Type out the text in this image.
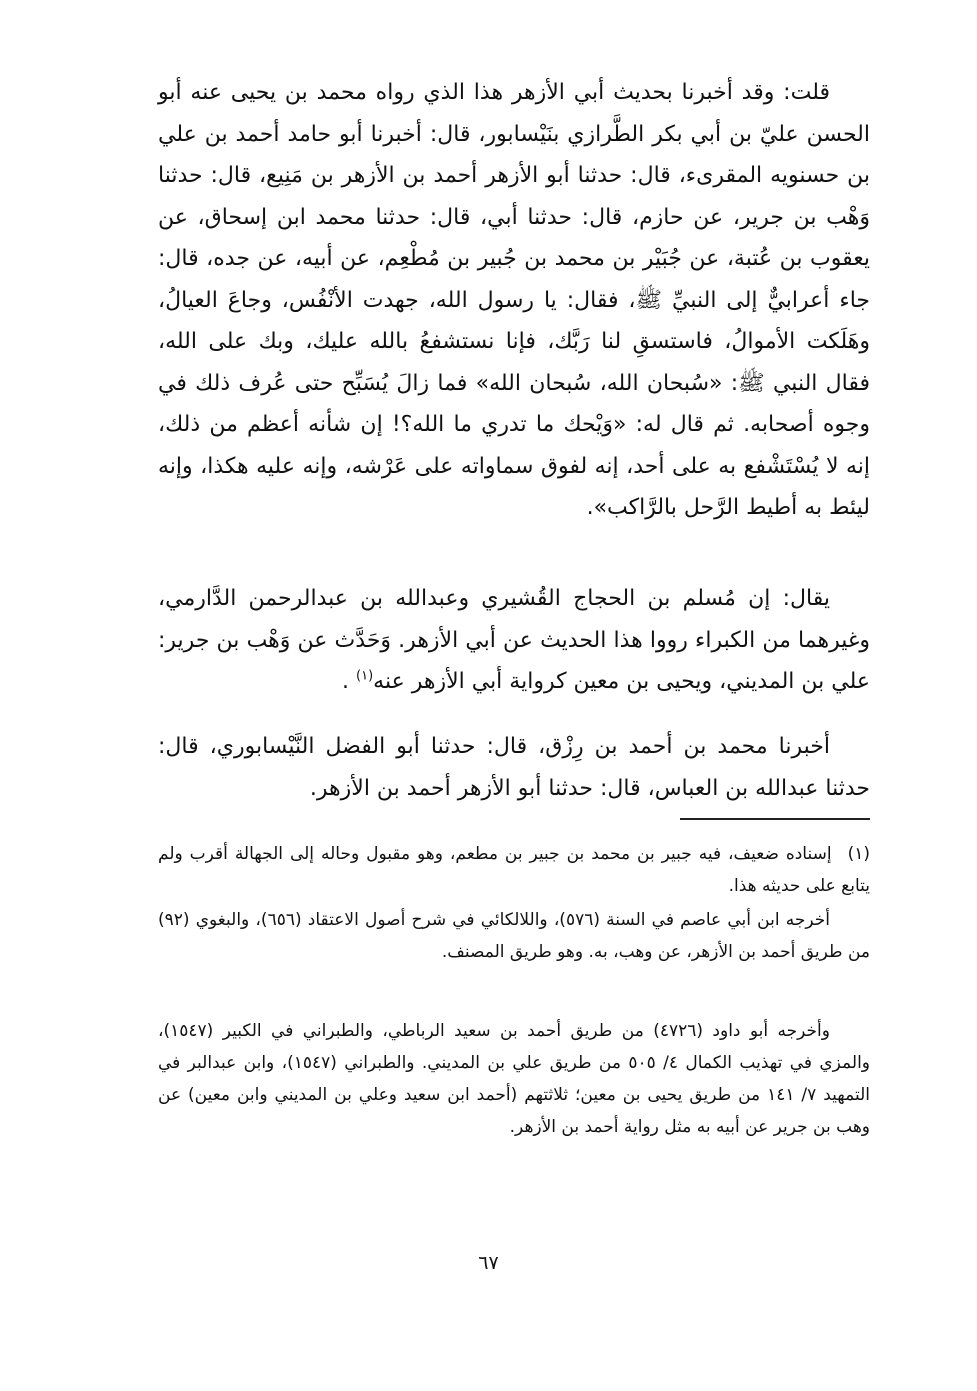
قلت: وقد أخبرنا بحديث أبي الأزهر هذا الذي رواه محمد بن يحيى عنه أبو الحسن عليّ بن أبي بكر الطَّرازي بنَيْسابور، قال: أخبرنا أبو حامد أحمد بن علي بن حسنويه المقرىء، قال: حدثنا أبو الأزهر أحمد بن الأزهر بن مَنِيع، قال: حدثنا وَهْب بن جرير، عن حازم، قال: حدثنا أبي، قال: حدثنا محمد ابن إسحاق، عن يعقوب بن عُتبة، عن جُبَيْر بن محمد بن جُبير بن مُطْعِم، عن أبيه، عن جده، قال: جاء أعرابيٌّ إلى النبيِّ ﷺ، فقال: يا رسول الله، جهدت الأنْفُس، وجاعَ العيالُ، وهَلَكت الأموالُ، فاستسقِ لنا رَبَّك، فإنا نستشفعُ بالله عليك، وبك على الله، فقال النبي ﷺ: «سُبحان الله، سُبحان الله» فما زالَ يُسَبِّح حتى عُرف ذلك في وجوه أصحابه. ثم قال له: «وَيْحك ما تدري ما الله؟! إن شأنه أعظم من ذلك، إنه لا يُسْتَشْفع به على أحد، إنه لفوق سماواته على عَرْشه، وإنه عليه هكذا، وإنه ليئط به أطيط الرَّحل بالرَّاكب».

يقال: إن مُسلم بن الحجاج القُشيري وعبدالله بن عبدالرحمن الدَّارمي، وغيرهما من الكبراء رووا هذا الحديث عن أبي الأزهر. وَحَدَّث عن وَهْب بن جرير: علي بن المديني، ويحيى بن معين كرواية أبي الأزهر عنه$^{(١)}$ .

أخبرنا محمد بن أحمد بن رِزْق، قال: حدثنا أبو الفضل النَّيْسابوري، قال: حدثنا عبدالله بن العباس، قال: حدثنا أبو الأزهر أحمد بن الأزهر.

(١)إسناده ضعيف، فيه جبير بن محمد بن جبير بن مطعم، وهو مقبول وحاله إلى الجهالة أقرب ولم يتابع على حديثه هذا.

أخرجه ابن أبي عاصم في السنة (٥٧٦)، واللالكائي في شرح أصول الاعتقاد (٦٥٦)، والبغوي (٩٢) من طريق أحمد بن الأزهر، عن وهب، به. وهو طريق المصنف.

وأخرجه أبو داود (٤٧٢٦) من طريق أحمد بن سعيد الرباطي، والطبراني في الكبير (١٥٤٧)، والمزي في تهذيب الكمال ٤/ ٥٠٥ من طريق علي بن المديني. والطبراني (١٥٤٧)، وابن عبدالبر في التمهيد ٧/ ١٤١ من طريق يحيى بن معين؛ ثلاثتهم (أحمد ابن سعيد وعلي بن المديني وابن معين) عن وهب بن جرير عن أبيه به مثل رواية أحمد بن الأزهر.

٦٧
